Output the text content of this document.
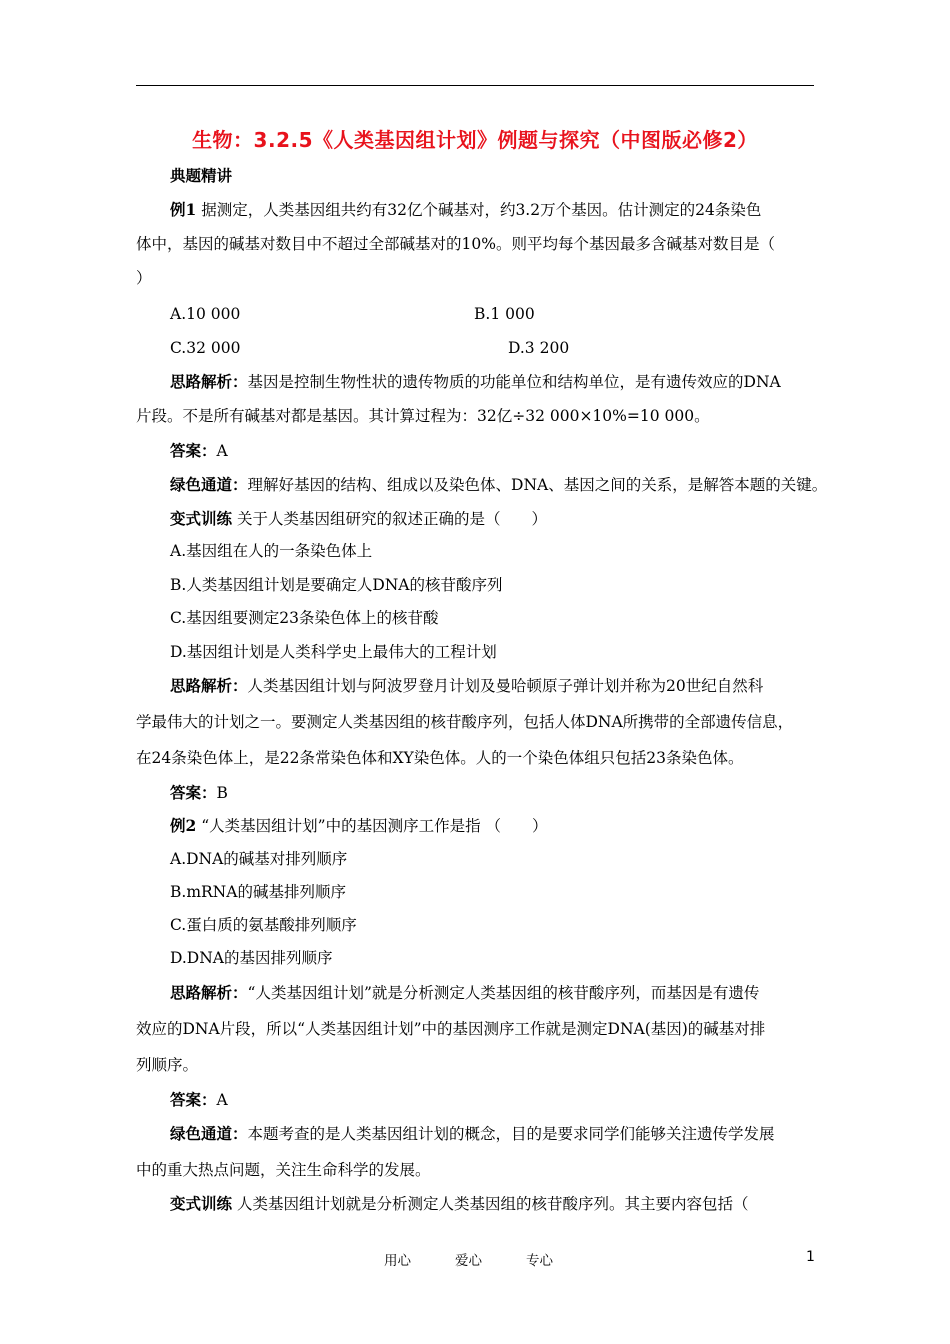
生物：3.2.5《人类基因组计划》例题与探究（中图版必修2）
典题精讲
例1 据测定，人类基因组共约有32亿个碱基对，约3.2万个基因。估计测定的24条染色
体中，基因的碱基对数目中不超过全部碱基对的10%。则平均每个基因最多含碱基对数目是（
）
A.10 000	B.1 000
C.32 000	D.3 200
思路解析：基因是控制生物性状的遗传物质的功能单位和结构单位，是有遗传效应的DNA
片段。不是所有碱基对都是基因。其计算过程为：32亿÷32 000×10%=10 000。
答案：A
绿色通道：理解好基因的结构、组成以及染色体、DNA、基因之间的关系，是解答本题的关键。
变式训练 关于人类基因组研究的叙述正确的是（　　）
A.基因组在人的一条染色体上
B.人类基因组计划是要确定人DNA的核苷酸序列
C.基因组要测定23条染色体上的核苷酸
D.基因组计划是人类科学史上最伟大的工程计划
思路解析：人类基因组计划与阿波罗登月计划及曼哈顿原子弹计划并称为20世纪自然科
学最伟大的计划之一。要测定人类基因组的核苷酸序列，包括人体DNA所携带的全部遗传信息，
在24条染色体上，是22条常染色体和XY染色体。人的一个染色体组只包括23条染色体。
答案：B
例2 “人类基因组计划”中的基因测序工作是指 （　　）
A.DNA的碱基对排列顺序
B.mRNA的碱基排列顺序
C.蛋白质的氨基酸排列顺序
D.DNA的基因排列顺序
思路解析：“人类基因组计划”就是分析测定人类基因组的核苷酸序列，而基因是有遗传
效应的DNA片段，所以“人类基因组计划”中的基因测序工作就是测定DNA(基因)的碱基对排
列顺序。
答案：A
绿色通道：本题考查的是人类基因组计划的概念，目的是要求同学们能够关注遗传学发展
中的重大热点问题，关注生命科学的发展。
变式训练 人类基因组计划就是分析测定人类基因组的核苷酸序列。其主要内容包括（
用心	爱心	专心	1
